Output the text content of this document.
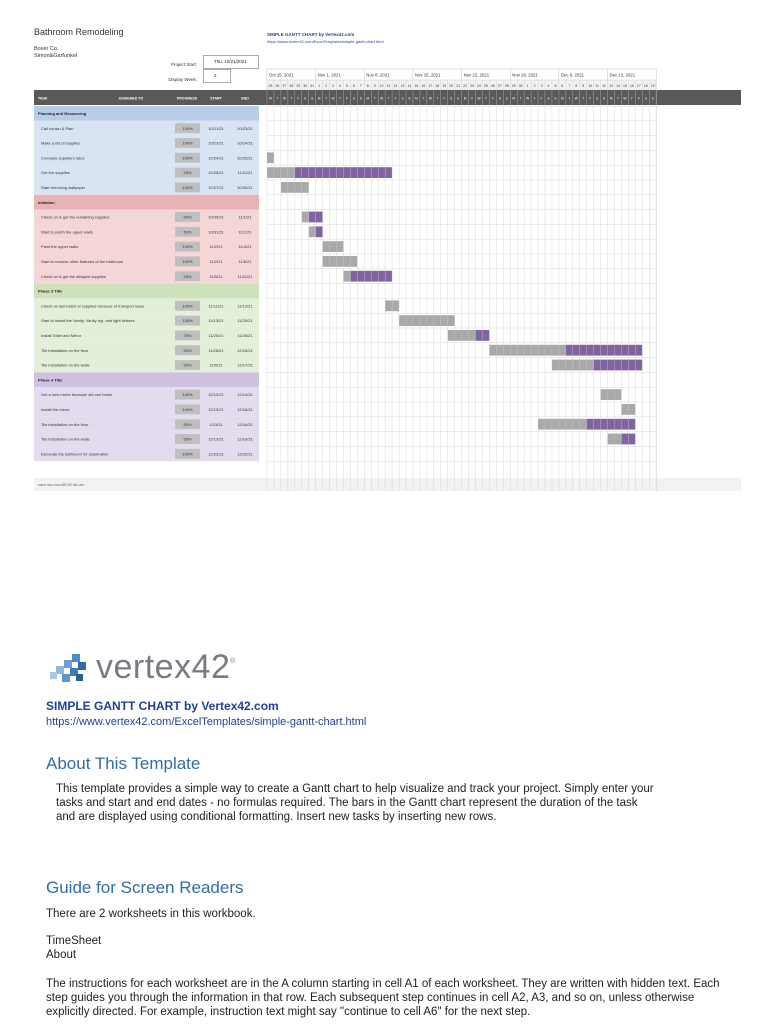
Bathroom Remodeling
Boxer Co.
Simon&Garfunkel
SIMPLE GANTT CHART by Vertex42.com
https://www.vertex42.com/ExcelTemplates/simple-gantt-chart.html
Project Start:
Thu, 10/21/2021
Display Week:
2	Oct 25, 2021	Nov 1, 2021	Nov 8, 2021	Nov 15, 2021	Nov 22, 2021	Nov 29, 2021	Dec 6, 2021	Dec 13, 2021
25 26 27 28 29 30 31 1 2 3 4 5 6 7 8 9 10 11 12 13 14 15 16 17 18 19 20 21 22 23 24 25 26 27 28 29 30 1 2 3 4 5 6 7 8 9 10 11 12 13 14 15 16 17 18 19
TASK	ASSIGNED TO	PROGRESS	START	END	M T W T F S S M T W T F S S M T W T F S S M T W T F S S M T W T F S S M T W T F S S M T W T F S S M T W T F S S
Planning and Resourcing
Call cousin & Plan	100%	10/21/21	10/23/21
Make a list of supplies	100%	10/23/21	10/24/21
Compare suppliers rates	100%	10/24/21	10/25/21
Get the supplies	25%	10/25/21	11/11/21
Start removing wallpaper	100%	10/27/21	10/30/21
Initiation
Check on & get the remaining supplies	50%	10/30/21	11/1/21
Start to patch the upper walls	50%	10/31/21	11/1/21
Paint the upper walls	100%	11/2/21	11/4/21
Start to remove other features of the bathroom	100%	11/2/21	11/6/21
Check on & get the delayed supplies	25%	11/5/21	11/11/21
Phase 3 Title
Check on last batch of supplies because of transport issue	100%	11/11/21	11/12/21
Start to install the Vanity, Vanity top, and light fixtures	100%	11/13/21	11/20/21
Install Toilet and Mirror	75%	11/20/21	11/25/21
Tile installation on the floor	50%	11/26/21	12/16/21
Tile installation on the walls	50%	12/5/21	12/17/21
Phase 4 Title
Get a new mirror because old one broke	100%	12/12/21	12/14/21
Install the mirror	100%	12/15/21	12/16/21
Tile installation on the floor	50%	12/3/21	12/16/21
Tile installation on the walls	50%	12/13/21	12/16/21
Decorate the bathroom for celebration	100%	12/22/21	12/22/21
Insert new rows ABOVE this one
vertex42 ®
SIMPLE GANTT CHART by Vertex42.com
https://www.vertex42.com/ExcelTemplates/simple-gantt-chart.html
About This Template
This template provides a simple way to create a Gantt chart to help visualize and track your project. Simply enter your tasks and start and end dates - no formulas required. The bars in the Gantt chart represent the duration of the task and are displayed using conditional formatting. Insert new tasks by inserting new rows.
Guide for Screen Readers
There are 2 worksheets in this workbook.
TimeSheet
About
The instructions for each worksheet are in the A column starting in cell A1 of each worksheet. They are written with hidden text. Each step guides you through the information in that row. Each subsequent step continues in cell A2, A3, and so on, unless otherwise explicitly directed. For example, instruction text might say "continue to cell A6" for the next step.
